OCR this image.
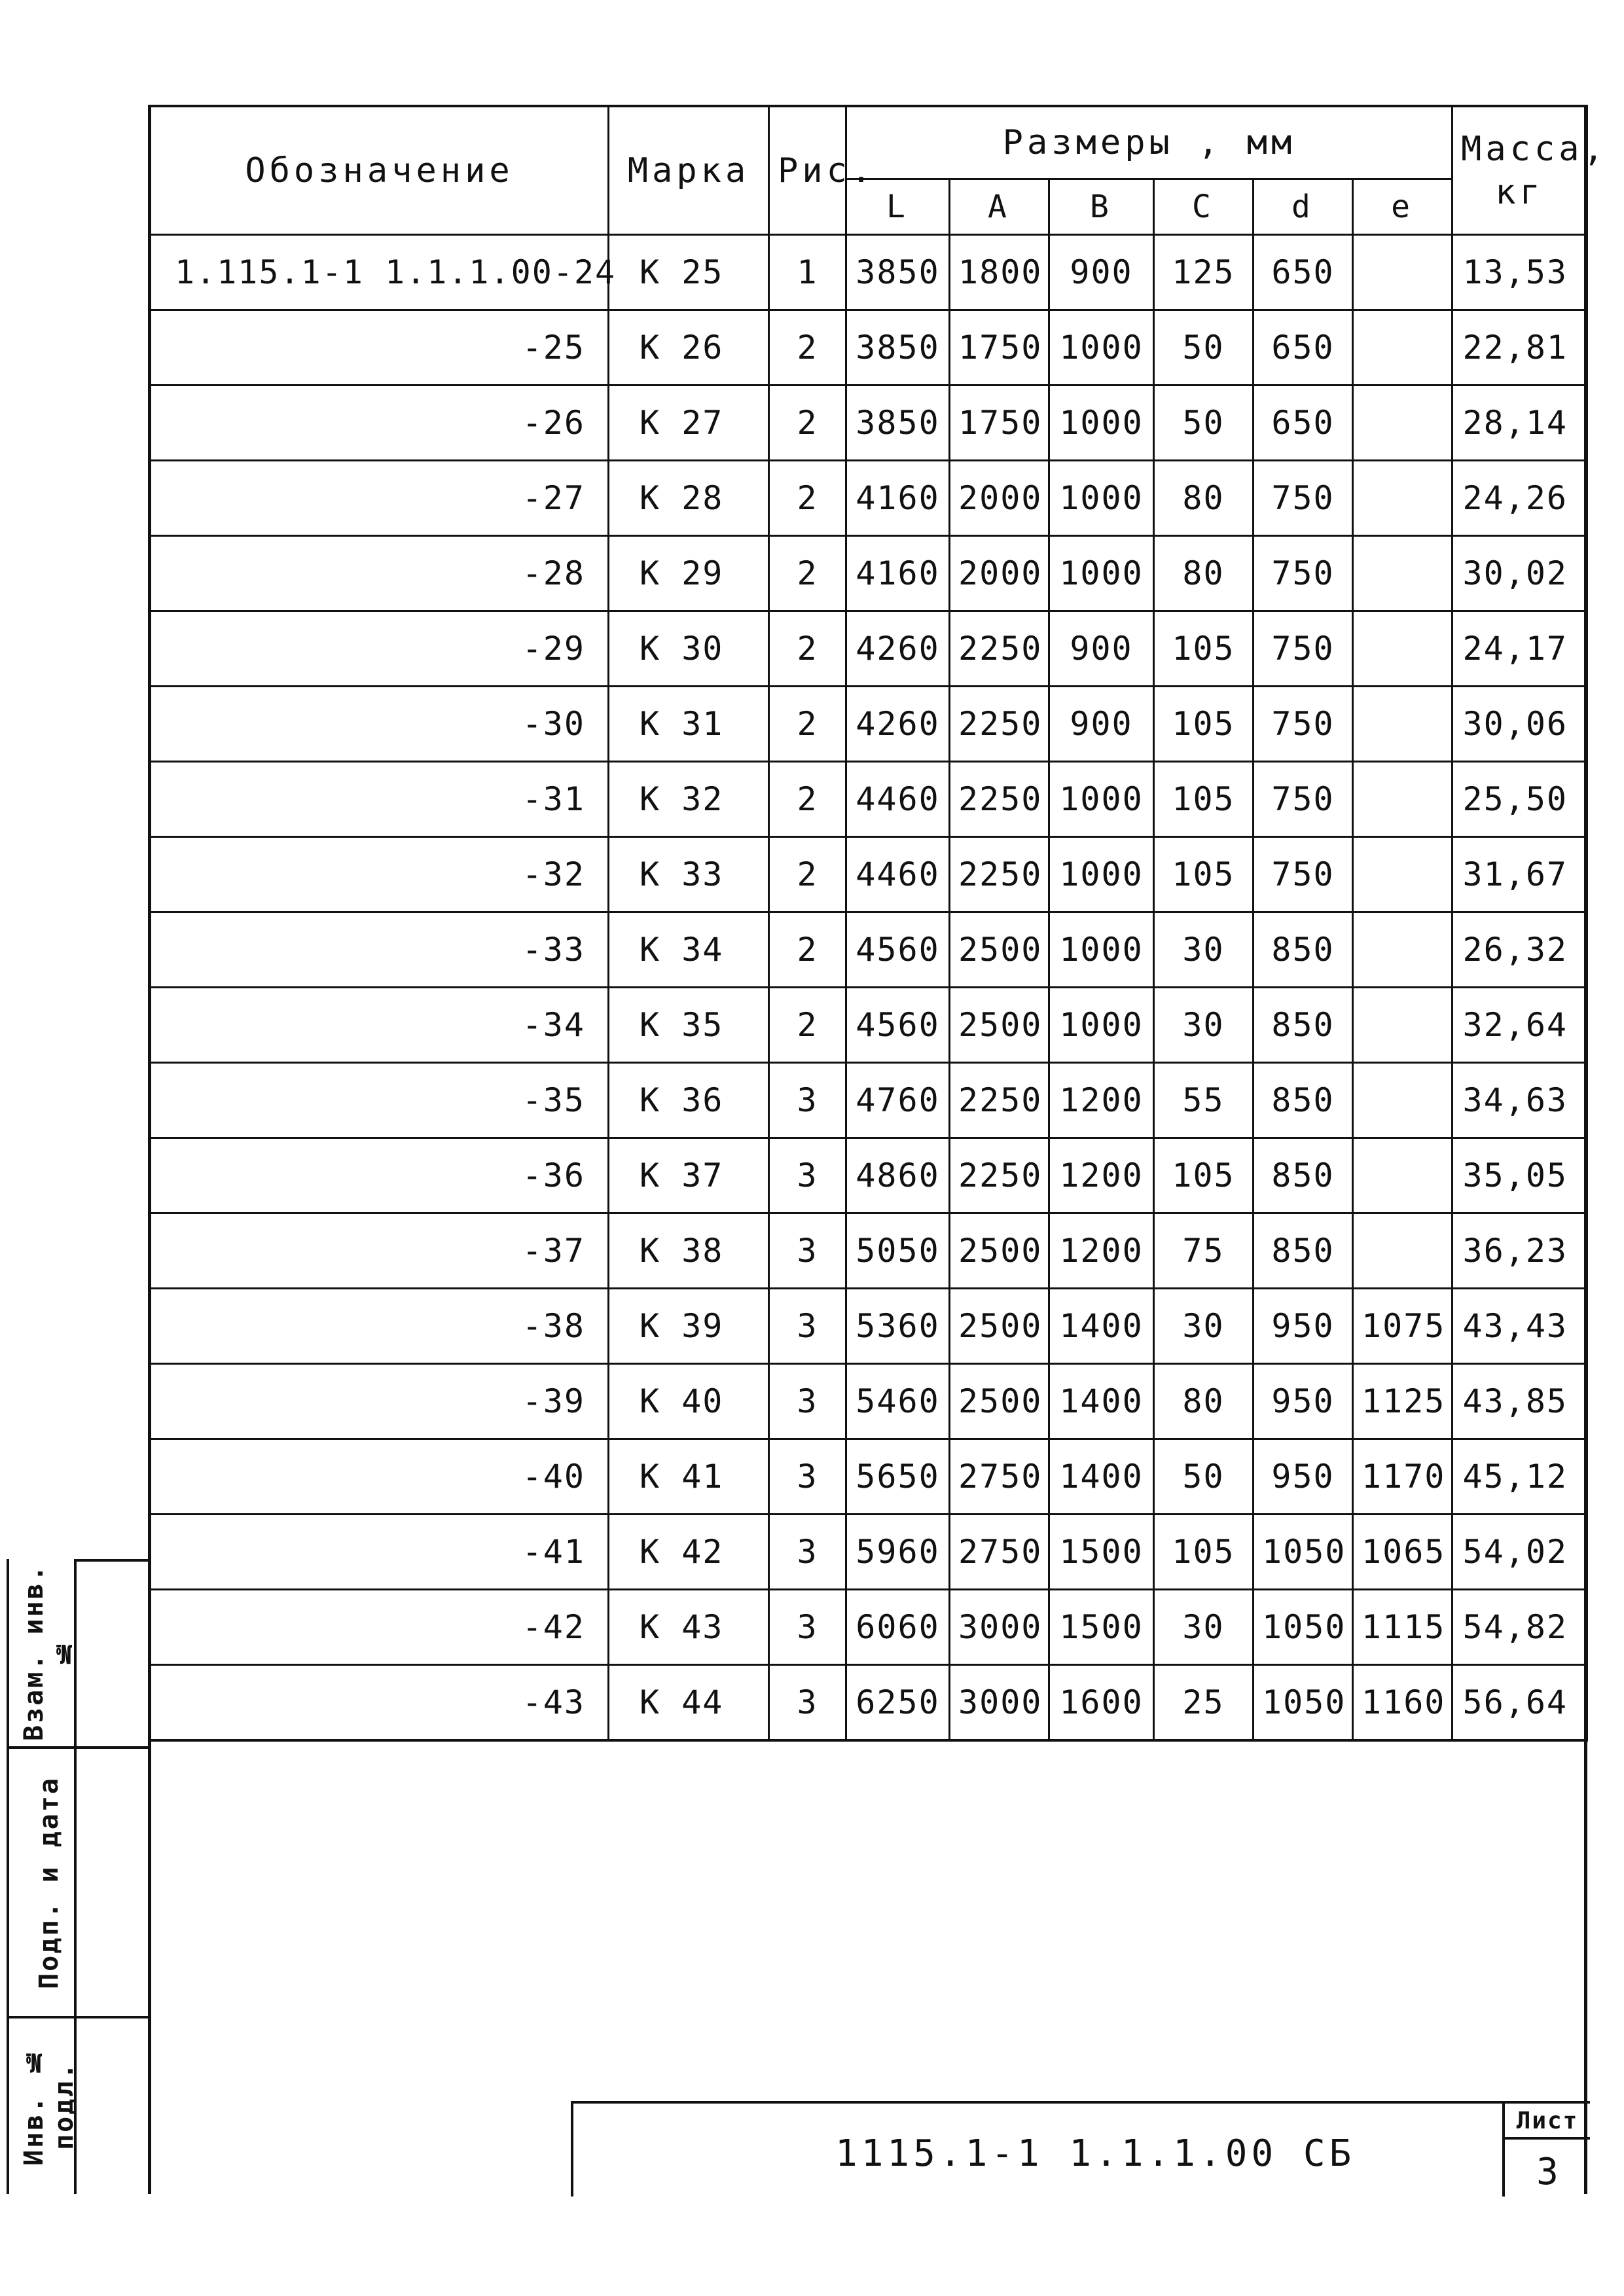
Обозначение	Марка	Рис.	Размеры , мм						Масса, кг
			L	A	B	C	d	e	
1.115.1-1 1.1.1.00-24	К 25	1	3850	1800	900	125	650		13,53
-25	К 26	2	3850	1750	1000	50	650		22,81
-26	К 27	2	3850	1750	1000	50	650		28,14
-27	К 28	2	4160	2000	1000	80	750		24,26
-28	К 29	2	4160	2000	1000	80	750		30,02
-29	К 30	2	4260	2250	900	105	750		24,17
-30	К 31	2	4260	2250	900	105	750		30,06
-31	К 32	2	4460	2250	1000	105	750		25,50
-32	К 33	2	4460	2250	1000	105	750		31,67
-33	К 34	2	4560	2500	1000	30	850		26,32
-34	К 35	2	4560	2500	1000	30	850		32,64
-35	К 36	3	4760	2250	1200	55	850		34,63
-36	К 37	3	4860	2250	1200	105	850		35,05
-37	К 38	3	5050	2500	1200	75	850		36,23
-38	К 39	3	5360	2500	1400	30	950	1075	43,43
-39	К 40	3	5460	2500	1400	80	950	1125	43,85
-40	К 41	3	5650	2750	1400	50	950	1170	45,12
-41	К 42	3	5960	2750	1500	105	1050	1065	54,02
-42	К 43	3	6060	3000	1500	30	1050	1115	54,82
-43	К 44	3	6250	3000	1600	25	1050	1160	56,64
Взам. инв. №
Подп. и дата
Инв. № подл.
1115.1-1 1.1.1.00 СБ
Лист
3
